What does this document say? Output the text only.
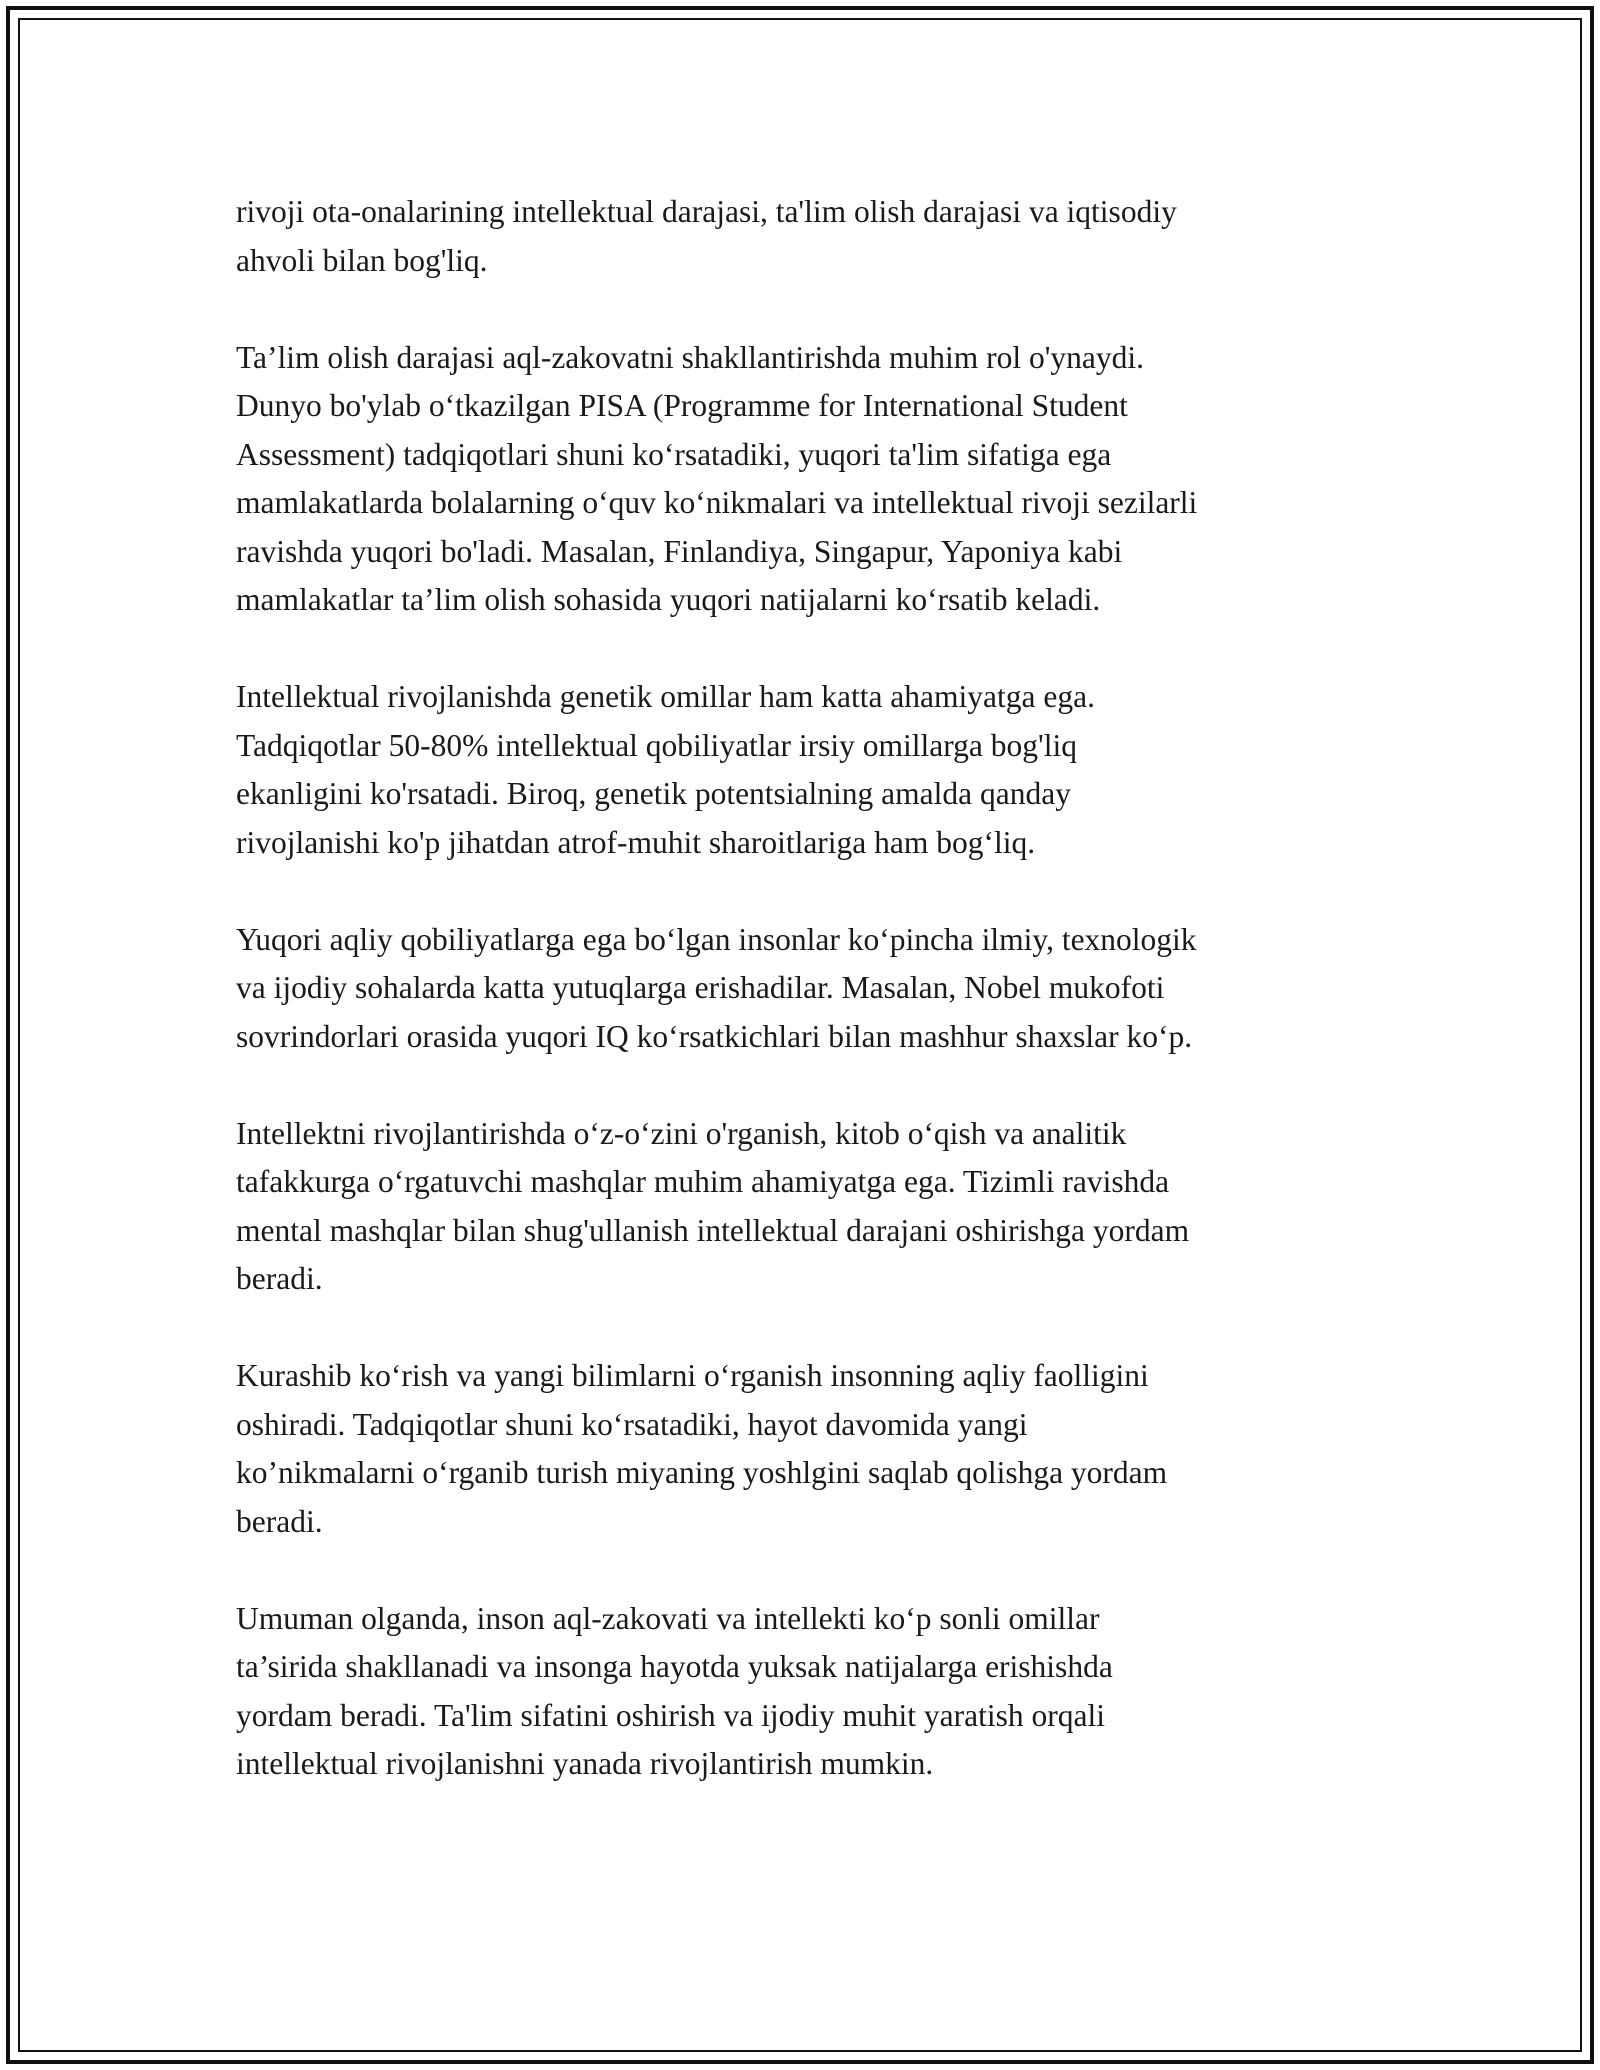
rivoji ota-onalarining intellektual darajasi, ta'lim olish darajasi va iqtisodiy
ahvoli bilan bog'liq.

Ta’lim olish darajasi aql-zakovatni shakllantirishda muhim rol o'ynaydi.
Dunyo bo'ylab o‘tkazilgan PISA (Programme for International Student
Assessment) tadqiqotlari shuni ko‘rsatadiki, yuqori ta'lim sifatiga ega
mamlakatlarda bolalarning o‘quv ko‘nikmalari va intellektual rivoji sezilarli
ravishda yuqori bo'ladi. Masalan, Finlandiya, Singapur, Yaponiya kabi
mamlakatlar ta’lim olish sohasida yuqori natijalarni ko‘rsatib keladi.

Intellektual rivojlanishda genetik omillar ham katta ahamiyatga ega.
Tadqiqotlar 50-80% intellektual qobiliyatlar irsiy omillarga bog'liq
ekanligini ko'rsatadi. Biroq, genetik potentsialning amalda qanday
rivojlanishi ko'p jihatdan atrof-muhit sharoitlariga ham bog‘liq.

Yuqori aqliy qobiliyatlarga ega bo‘lgan insonlar ko‘pincha ilmiy, texnologik
va ijodiy sohalarda katta yutuqlarga erishadilar. Masalan, Nobel mukofoti
sovrindorlari orasida yuqori IQ ko‘rsatkichlari bilan mashhur shaxslar ko‘p.

Intellektni rivojlantirishda o‘z-o‘zini o'rganish, kitob o‘qish va analitik
tafakkurga o‘rgatuvchi mashqlar muhim ahamiyatga ega. Tizimli ravishda
mental mashqlar bilan shug'ullanish intellektual darajani oshirishga yordam
beradi.

Kurashib ko‘rish va yangi bilimlarni o‘rganish insonning aqliy faolligini
oshiradi. Tadqiqotlar shuni ko‘rsatadiki, hayot davomida yangi
ko’nikmalarni o‘rganib turish miyaning yoshlgini saqlab qolishga yordam
beradi.

Umuman olganda, inson aql-zakovati va intellekti ko‘p sonli omillar
ta’sirida shakllanadi va insonga hayotda yuksak natijalarga erishishda
yordam beradi. Ta'lim sifatini oshirish va ijodiy muhit yaratish orqali
intellektual rivojlanishni yanada rivojlantirish mumkin.
